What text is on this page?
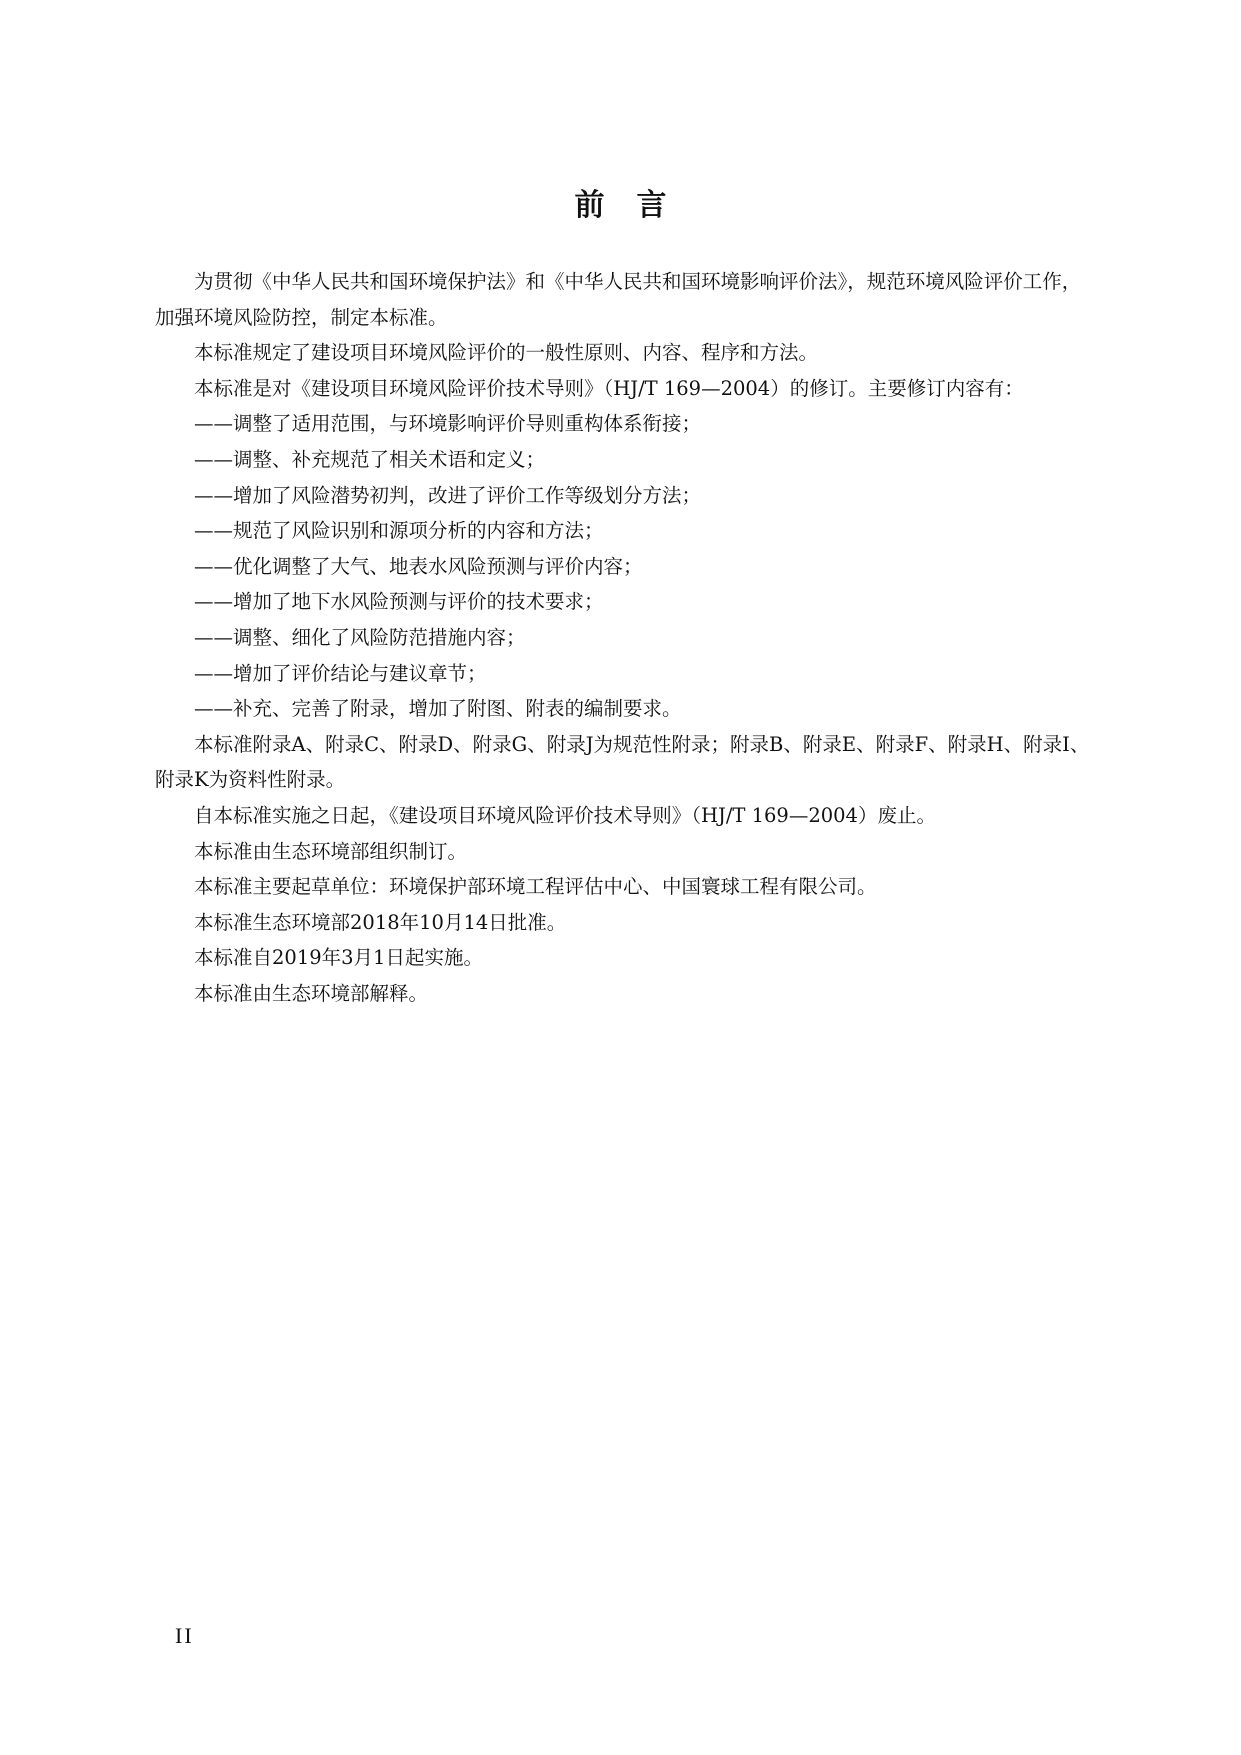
前言

为贯彻《中华人民共和国环境保护法》和《中华人民共和国环境影响评价法》，规范环境风险评价工作，加强环境风险防控，制定本标准。

本标准规定了建设项目环境风险评价的一般性原则、内容、程序和方法。

本标准是对《建设项目环境风险评价技术导则》（HJ/T 169—2004）的修订。主要修订内容有：

——调整了适用范围，与环境影响评价导则重构体系衔接；

——调整、补充规范了相关术语和定义；

——增加了风险潜势初判，改进了评价工作等级划分方法；

——规范了风险识别和源项分析的内容和方法；

——优化调整了大气、地表水风险预测与评价内容；

——增加了地下水风险预测与评价的技术要求；

——调整、细化了风险防范措施内容；

——增加了评价结论与建议章节；

——补充、完善了附录，增加了附图、附表的编制要求。

本标准附录A、附录C、附录D、附录G、附录J为规范性附录；附录B、附录E、附录F、附录H、附录I、附录K为资料性附录。

自本标准实施之日起，《建设项目环境风险评价技术导则》（HJ/T 169—2004）废止。

本标准由生态环境部组织制订。

本标准主要起草单位：环境保护部环境工程评估中心、中国寰球工程有限公司。

本标准生态环境部2018年10月14日批准。

本标准自2019年3月1日起实施。

本标准由生态环境部解释。

II
